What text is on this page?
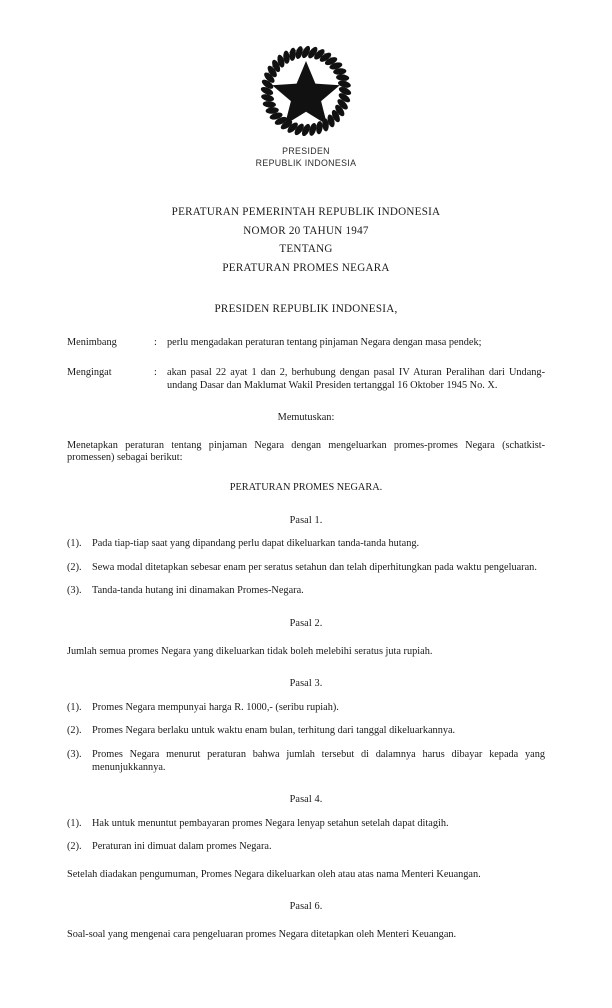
PRESIDEN
REPUBLIK INDONESIA
PERATURAN PEMERINTAH REPUBLIK INDONESIA
NOMOR 20 TAHUN 1947
TENTANG
PERATURAN PROMES NEGARA
PRESIDEN REPUBLIK INDONESIA,
Menimbang	: perlu mengadakan peraturan tentang pinjaman Negara dengan masa pendek;
Mengingat	: akan pasal 22 ayat 1 dan 2, berhubung dengan pasal IV Aturan Peralihan dari Undang-undang Dasar dan Maklumat Wakil Presiden tertanggal 16 Oktober 1945 No. X.
Memutuskan:
Menetapkan peraturan tentang pinjaman Negara dengan mengeluarkan promes-promes Negara (schatkist-promessen) sebagai berikut:
PERATURAN PROMES NEGARA.
Pasal 1.
(1).	Pada tiap-tiap saat yang dipandang perlu dapat dikeluarkan tanda-tanda hutang.
(2).	Sewa modal ditetapkan sebesar enam per seratus setahun dan telah diperhitungkan pada waktu pengeluaran.
(3).	Tanda-tanda hutang ini dinamakan Promes-Negara.
Pasal 2.
Jumlah semua promes Negara yang dikeluarkan tidak boleh melebihi seratus juta rupiah.
Pasal 3.
(1).	Promes Negara mempunyai harga R. 1000,- (seribu rupiah).
(2).	Promes Negara berlaku untuk waktu enam bulan, terhitung dari tanggal dikeluarkannya.
(3).	Promes Negara menurut peraturan bahwa jumlah tersebut di dalamnya harus dibayar kepada yang menunjukkannya.
Pasal 4.
(1).	Hak untuk menuntut pembayaran promes Negara lenyap setahun setelah dapat ditagih.
(2).	Peraturan ini dimuat dalam promes Negara.
Setelah diadakan pengumuman, Promes Negara dikeluarkan oleh atau atas nama Menteri Keuangan.
Pasal 6.
Soal-soal yang mengenai cara pengeluaran promes Negara ditetapkan oleh Menteri Keuangan.
